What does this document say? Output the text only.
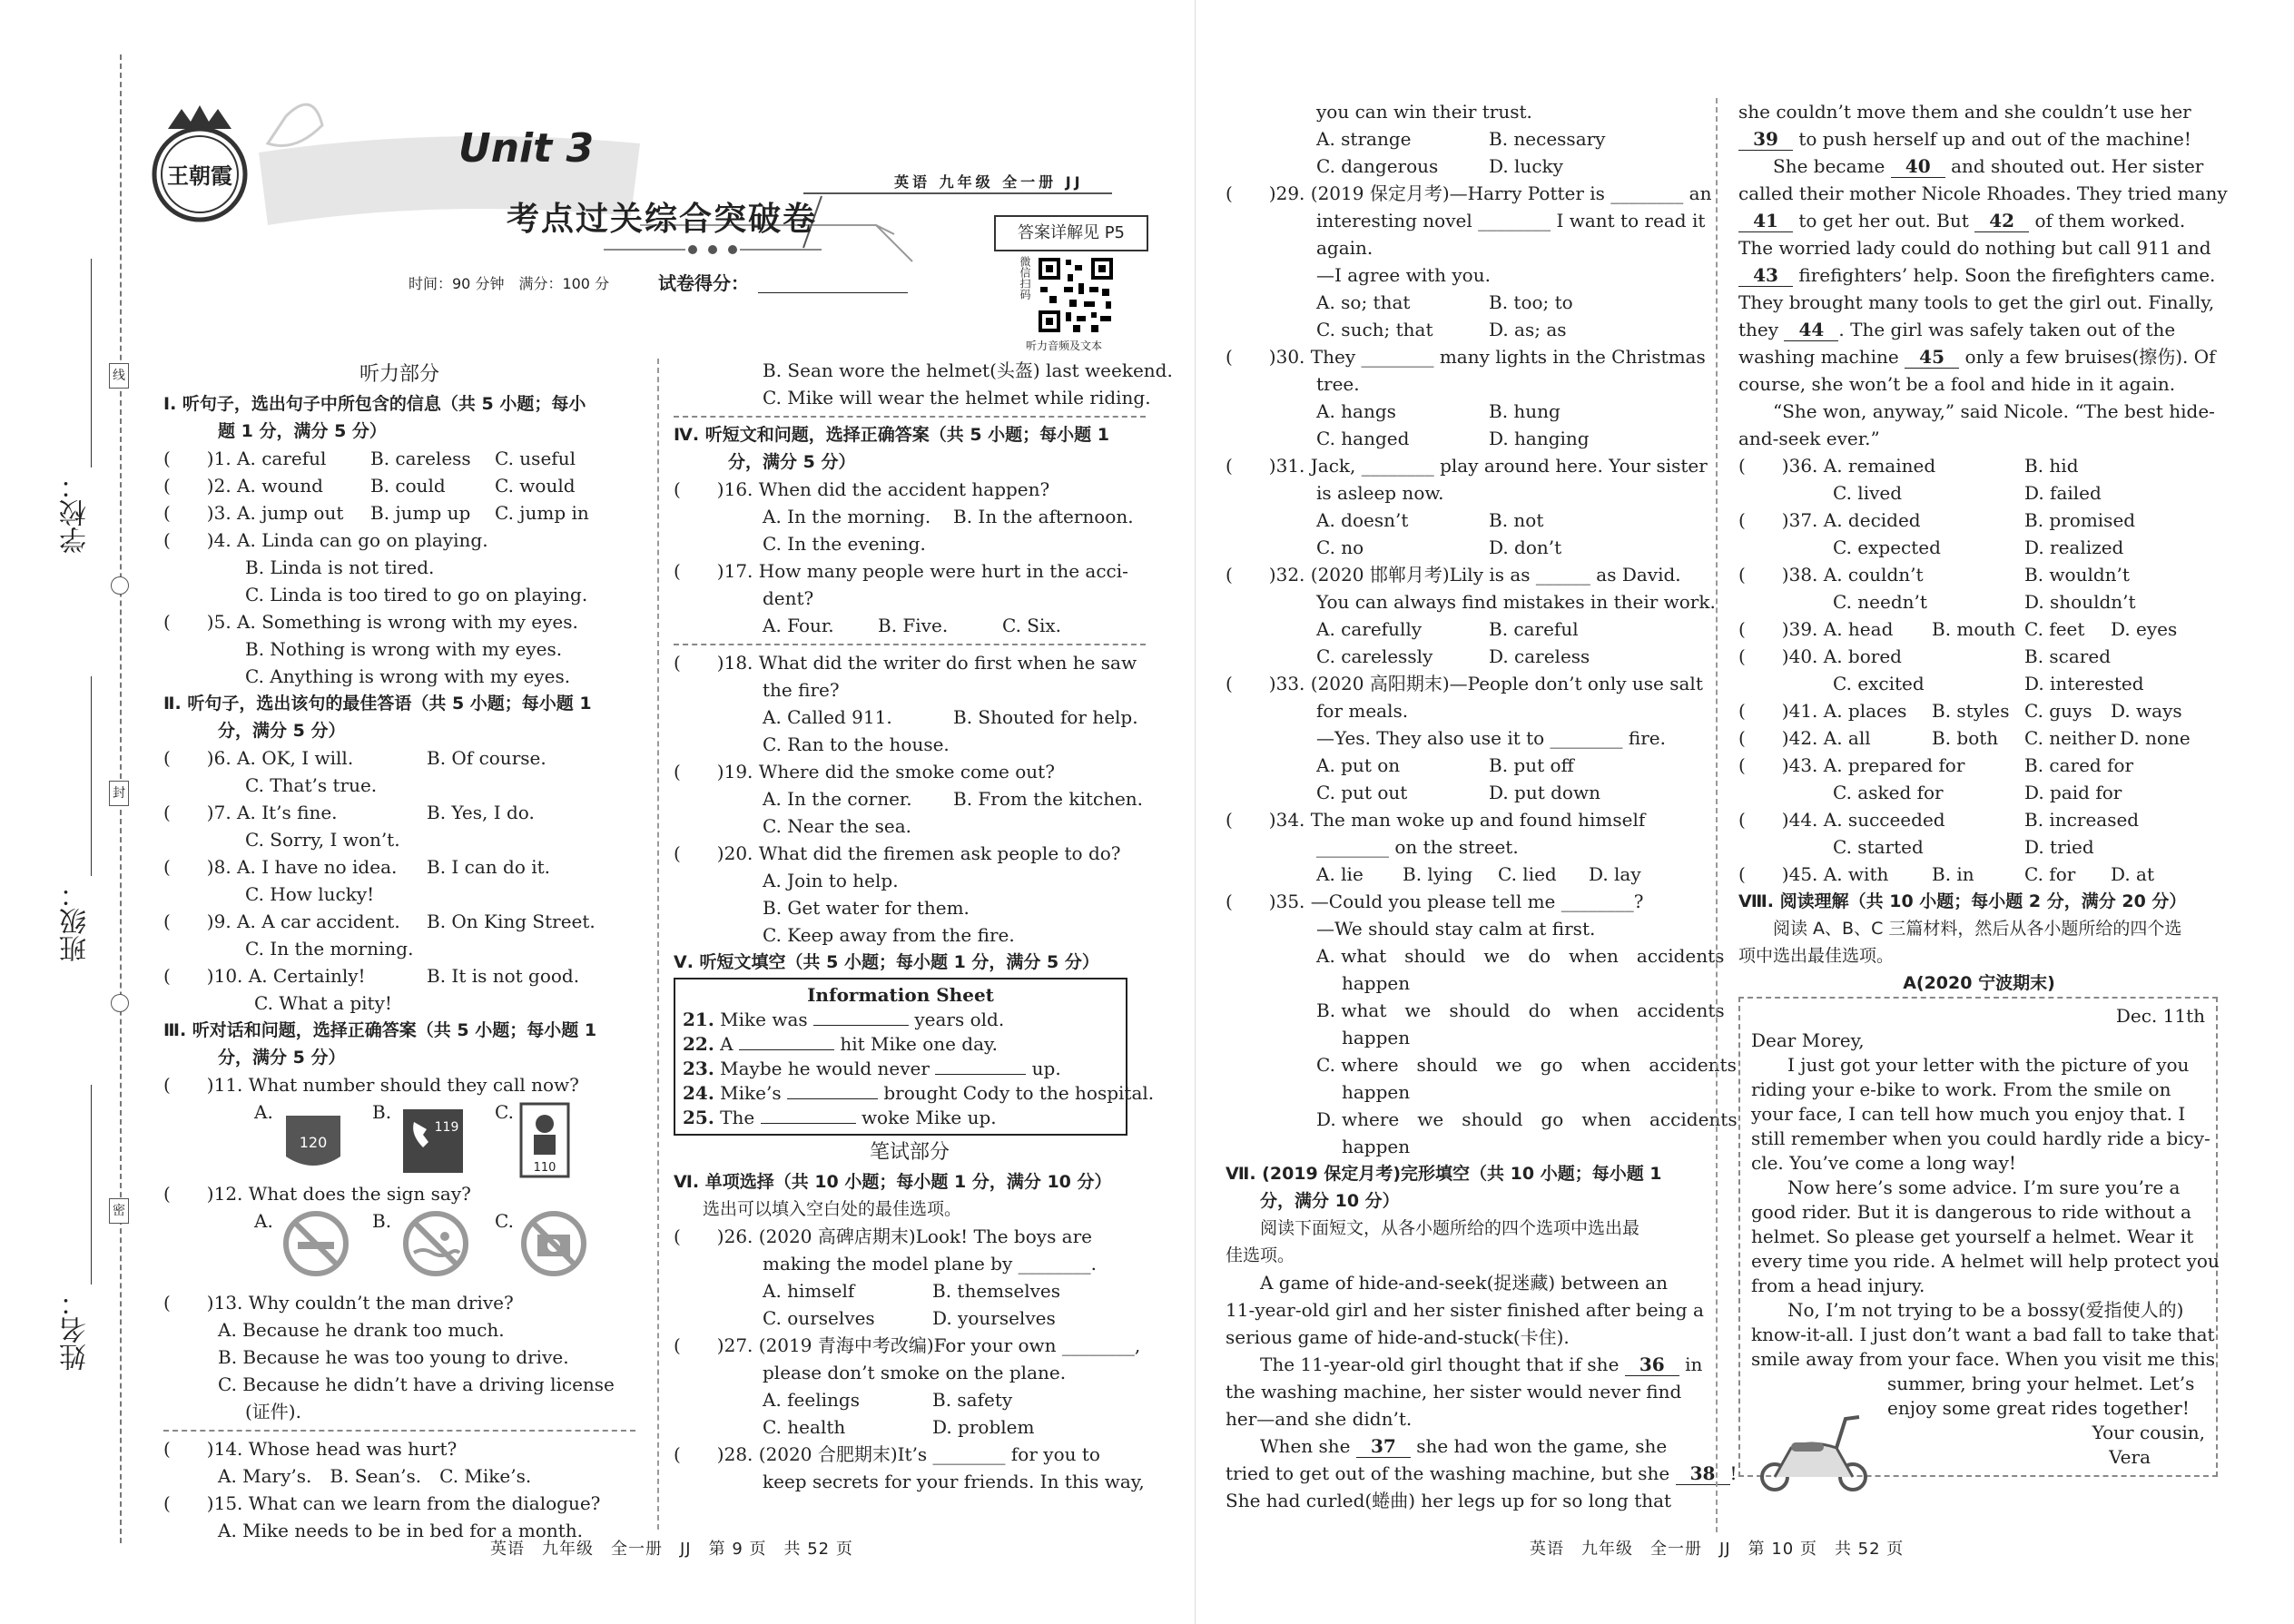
线
封
密
学校：
班级：
姓名：
王朝霞
Unit 3
考点过关综合突破卷
英语 九年级 全一册 JJ
答案详解见 P5
微信扫码
听力音频及文本
时间：90 分钟　满分：100 分	试卷得分：
听力部分
Ⅰ. 听句子，选出句子中所包含的信息（共 5 小题；每小
题 1 分，满分 5 分）
(　　)1. A. careful B. careless C. useful
(　　)2. A. wound	B. could	C. would
(　　)3. A. jump out B. jump up C. jump in
(　　)4. A. Linda can go on playing.
B. Linda is not tired.
C. Linda is too tired to go on playing.
(　　)5. A. Something is wrong with my eyes.
B. Nothing is wrong with my eyes.
C. Anything is wrong with my eyes.
Ⅱ. 听句子，选出该句的最佳答语（共 5 小题；每小题 1
分，满分 5 分）
(　　)6. A. OK, I will.	B. Of course.
C. That’s true.
(　　)7. A. It’s fine.	B. Yes, I do.
C. Sorry, I won’t.
(　　)8. A. I have no idea. B. I can do it.
C. How lucky!
(　　)9. A. A car accident. B. On King Street.
C. In the morning.
(　　)10. A. Certainly!	B. It is not good.
C. What a pity!
Ⅲ. 听对话和问题，选择正确答案（共 5 小题；每小题 1
分，满分 5 分）
(　　)11. What number should they call now?
A.
120
B.
119
C.
110
(　　)12. What does the sign say?
A.	B.	C.
(　　)13. Why couldn’t the man drive?
A. Because he drank too much.
B. Because he was too young to drive.
C. Because he didn’t have a driving license
(证件).
(　　)14. Whose head was hurt?
A. Mary’s.　B. Sean’s.　C. Mike’s.
(　　)15. What can we learn from the dialogue?
A. Mike needs to be in bed for a month.
B. Sean wore the helmet(头盔) last weekend.
C. Mike will wear the helmet while riding.
Ⅳ. 听短文和问题，选择正确答案（共 5 小题；每小题 1
分，满分 5 分）
(　　)16. When did the accident happen?
A. In the morning. B. In the afternoon.
C. In the evening.
(　　)17. How many people were hurt in the acci-
dent?
A. Four. B. Five.	C. Six.
(　　)18. What did the writer do first when he saw
the fire?
A. Called 911.	B. Shouted for help.
C. Ran to the house.
(　　)19. Where did the smoke come out?
A. In the corner. B. From the kitchen.
C. Near the sea.
(　　)20. What did the firemen ask people to do?
A. Join to help.
B. Get water for them.
C. Keep away from the fire.
Ⅴ. 听短文填空（共 5 小题；每小题 1 分，满分 5 分）
Information Sheet
21. Mike was	years old.
22. A	hit Mike one day.
23. Maybe he would never	up.
24. Mike’s	brought Cody to the hospital.
25. The	woke Mike up.
笔试部分
Ⅵ. 单项选择（共 10 小题；每小题 1 分，满分 10 分）
选出可以填入空白处的最佳选项。
(　　)26. (2020 高碑店期末)Look! The boys are
making the model plane by ________.
A. himself	B. themselves
C. ourselves	D. yourselves
(　　)27. (2019 青海中考改编)For your own ________,
please don’t smoke on the plane.
A. feelings	B. safety
C. health	D. problem
(　　)28. (2020 合肥期末)It’s ________ for you to
keep secrets for your friends. In this way,
you can win their trust.
A. strange	B. necessary
C. dangerous	D. lucky
(　　)29. (2019 保定月考)—Harry Potter is ________ an
interesting novel ________ I want to read it
again.
—I agree with you.
A. so; that	B. too; to
C. such; that	D. as; as
(　　)30. They ________ many lights in the Christmas
tree.
A. hangs	B. hung
C. hanged	D. hanging
(　　)31. Jack, ________ play around here. Your sister
is asleep now.
A. doesn’t	B. not
C. no	D. don’t
(　　)32. (2020 邯郸月考)Lily is as ______ as David.
You can always find mistakes in their work.
A. carefully	B. careful
C. carelessly	D. careless
(　　)33. (2020 高阳期末)—People don’t only use salt
for meals.
—Yes. They also use it to ________ fire.
A. put on	B. put off
C. put out	D. put down
(　　)34. The man woke up and found himself
________ on the street.
A. lie B. lying C. lied D. lay
(　　)35. —Could you please tell me ________?
—We should stay calm at first.
A. what　should　we　do　when　accidents
happen
B. what　we　should　do　when　accidents
happen
C. where　should　we　go　when　accidents
happen
D. where　we　should　go　when　accidents
happen
Ⅶ. (2019 保定月考)完形填空（共 10 小题；每小题 1
分，满分 10 分）
阅读下面短文，从各小题所给的四个选项中选出最
佳选项。
A game of hide-and-seek(捉迷藏) between an
11-year-old girl and her sister finished after being a
serious game of hide-and-stuck(卡住).
The 11-year-old girl thought that if she 36 in
the washing machine, her sister would never find
her—and she didn’t.
When she 37 she had won the game, she
tried to get out of the washing machine, but she 38 !
She had curled(蜷曲) her legs up for so long that
she couldn’t move them and she couldn’t use her
39 to push herself up and out of the machine!
She became 40 and shouted out. Her sister
called their mother Nicole Rhoades. They tried many
41 to get her out. But 42 of them worked.
The worried lady could do nothing but call 911 and
43 firefighters’ help. Soon the firefighters came.
They brought many tools to get the girl out. Finally,
they 44 . The girl was safely taken out of the
washing machine 45 only a few bruises(擦伤). Of
course, she won’t be a fool and hide in it again.
“She won, anyway,” said Nicole. “The best hide-
and-seek ever.”
(　　)36. A. remained	B. hid
C. lived	D. failed
(　　)37. A. decided	B. promised
C. expected	D. realized
(　　)38. A. couldn’t	B. wouldn’t
C. needn’t	D. shouldn’t
(　　)39. A. head B. mouth C. feet D. eyes
(　　)40. A. bored	B. scared
C. excited	D. interested
(　　)41. A. places B. styles C. guys D. ways
(　　)42. A. all	B. both C. neither D. none
(　　)43. A. prepared for	B. cared for
C. asked for	D. paid for
(　　)44. A. succeeded	B. increased
C. started	D. tried
(　　)45. A. with B. in	C. for D. at
Ⅷ. 阅读理解（共 10 小题；每小题 2 分，满分 20 分）
阅读 A、B、C 三篇材料，然后从各小题所给的四个选
项中选出最佳选项。
A(2020 宁波期末)
Dec. 11th
Dear Morey,
I just got your letter with the picture of you
riding your e-bike to work. From the smile on
your face, I can tell how much you enjoy that. I
still remember when you could hardly ride a bicy-
cle. You’ve come a long way!
Now here’s some advice. I’m sure you’re a
good rider. But it is dangerous to ride without a
helmet. So please get yourself a helmet. Wear it
every time you ride. A helmet will help protect you
from a head injury.
No, I’m not trying to be a bossy(爱指使人的)
know-it-all. I just don’t want a bad fall to take that
smile away from your face. When you visit me this
summer, bring your helmet. Let’s
enjoy some great rides together!
Your cousin,
Vera
英语　九年级　全一册　JJ　第 9 页　共 52 页	英语　九年级　全一册　JJ　第 10 页　共 52 页
